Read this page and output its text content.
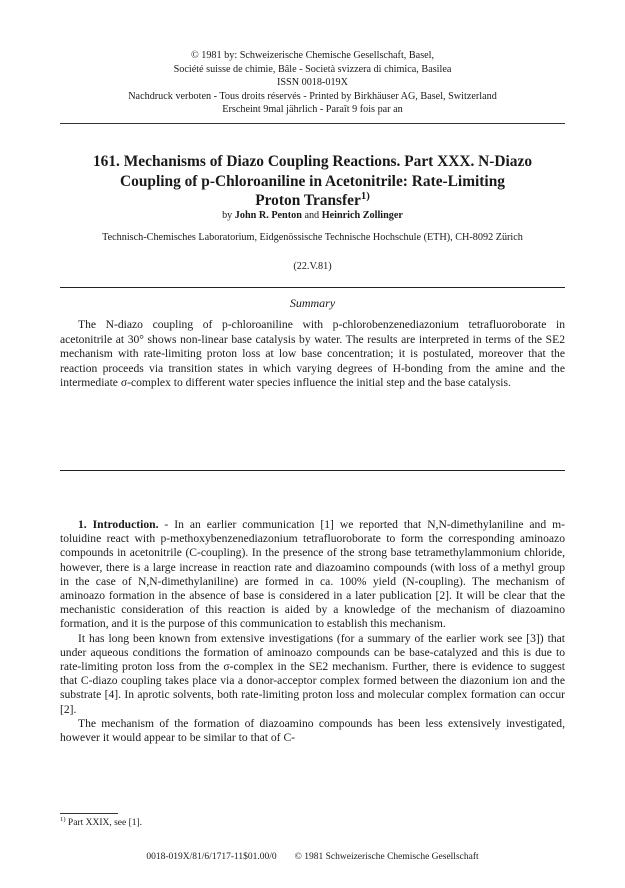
© 1981 by: Schweizerische Chemische Gesellschaft, Basel,
Société suisse de chimie, Bâle - Società svizzera di chimica, Basilea
ISSN 0018-019X
Nachdruck verboten - Tous droits réservés - Printed by Birkhäuser AG, Basel, Switzerland
Erscheint 9mal jährlich - Paraît 9 fois par an
161. Mechanisms of Diazo Coupling Reactions. Part XXX. N-Diazo
Coupling of p-Chloroaniline in Acetonitrile: Rate-Limiting
Proton Transfer$^{1)}$
by John R. Penton and Heinrich Zollinger
Technisch-Chemisches Laboratorium, Eidgenössische Technische Hochschule (ETH), CH-8092 Zürich
(22.V.81)
Summary

The N-diazo coupling of p-chloroaniline with p-chlorobenzenediazonium tetrafluoroborate in acetonitrile at 30° shows non-linear base catalysis by water. The results are interpreted in terms of the SE2 mechanism with rate-limiting proton loss at low base concentration; it is postulated, moreover that the reaction proceeds via transition states in which varying degrees of H-bonding from the amine and the intermediate σ-complex to different water species influence the initial step and the base catalysis.

1. Introduction. - In an earlier communication [1] we reported that N,N-dimethylaniline and m-toluidine react with p-methoxybenzenediazonium tetrafluoroborate to form the corresponding aminoazo compounds in acetonitrile (C-coupling). In the presence of the strong base tetramethylammonium chloride, however, there is a large increase in reaction rate and diazoamino compounds (with loss of a methyl group in the case of N,N-dimethylaniline) are formed in ca. 100% yield (N-coupling). The mechanism of aminoazo formation in the absence of base is considered in a later publication [2]. It will be clear that the mechanistic consideration of this reaction is aided by a knowledge of the mechanism of diazoamino formation, and it is the purpose of this communication to establish this mechanism.

It has long been known from extensive investigations (for a summary of the earlier work see [3]) that under aqueous conditions the formation of aminoazo compounds can be base-catalyzed and this is due to rate-limiting proton loss from the σ-complex in the SE2 mechanism. Further, there is evidence to suggest that C-diazo coupling takes place via a donor-acceptor complex formed between the diazonium ion and the substrate [4]. In aprotic solvents, both rate-limiting proton loss and molecular complex formation can occur [2].

The mechanism of the formation of diazoamino compounds has been less extensively investigated, however it would appear to be similar to that of C-

$^{1)}$ Part XXIX, see [1].
0018-019X/81/6/1717-11$01.00/0 © 1981 Schweizerische Chemische Gesellschaft
